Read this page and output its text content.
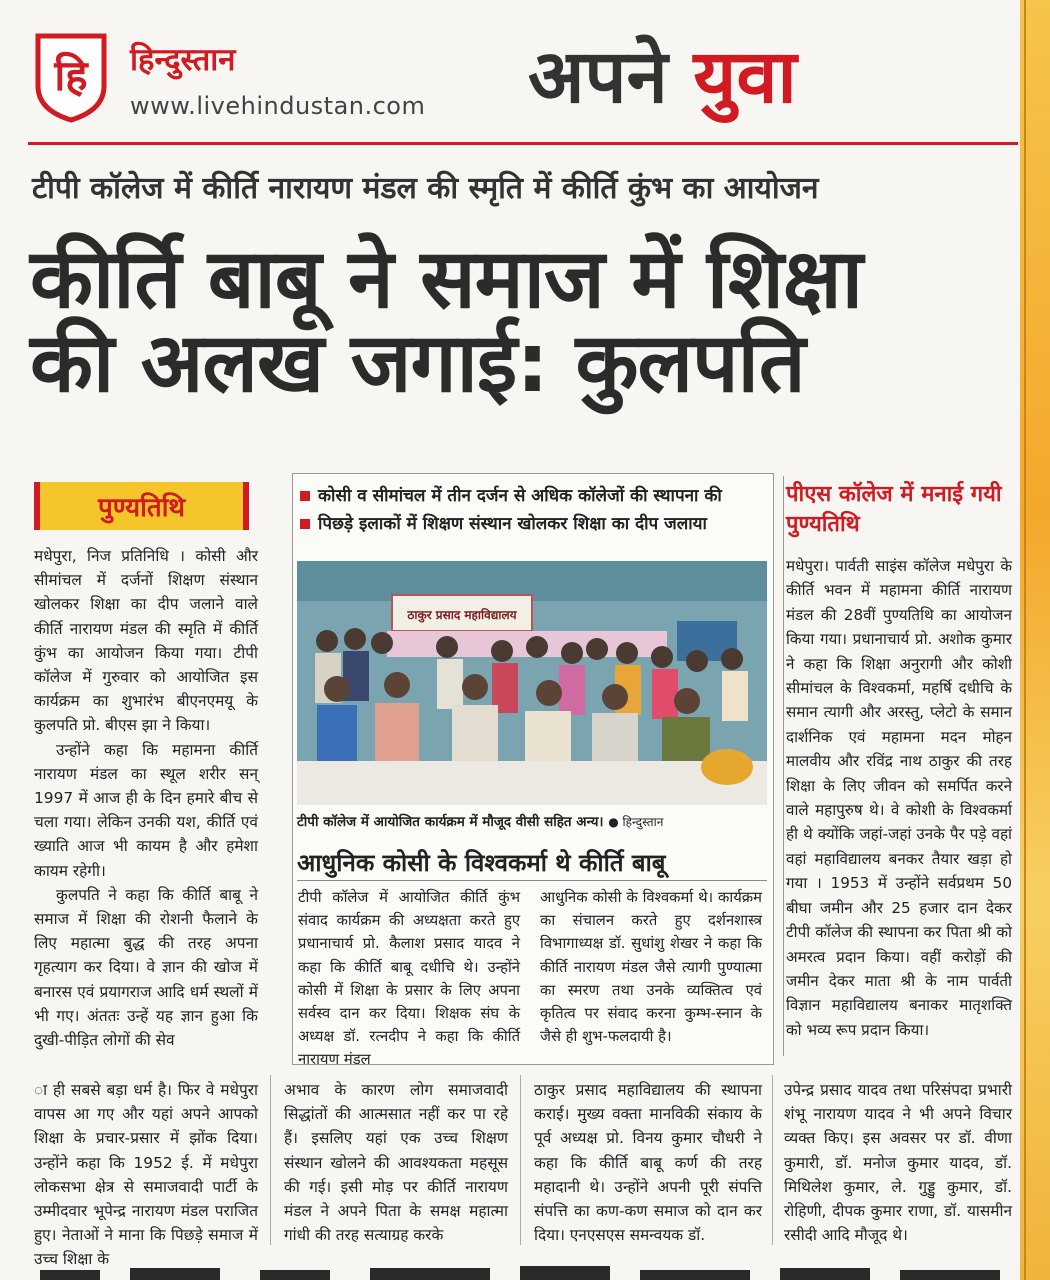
हि हिन्दुस्तान
www.livehindustan.com अपने युवा
टीपी कॉलेज में कीर्ति नारायण मंडल की स्मृति में कीर्ति कुंभ का आयोजन
कीर्ति बाबू ने समाज में शिक्षा
की अलख जगाई: कुलपति
पुण्यतिथि

मधेपुरा, निज प्रतिनिधि । कोसी और सीमांचल में दर्जनों शिक्षण संस्थान खोलकर शिक्षा का दीप जलाने वाले कीर्ति नारायण मंडल की स्मृति में कीर्ति कुंभ का आयोजन किया गया। टीपी कॉलेज में गुरुवार को आयोजित इस कार्यक्रम का शुभारंभ बीएनएमयू के कुलपति प्रो. बीएस झा ने किया।

उन्होंने कहा कि महामना कीर्ति नारायण मंडल का स्थूल शरीर सन् 1997 में आज ही के दिन हमारे बीच से चला गया। लेकिन उनकी यश, कीर्ति एवं ख्याति आज भी कायम है और हमेशा कायम रहेगी।

कुलपति ने कहा कि कीर्ति बाबू ने समाज में शिक्षा की रोशनी फैलाने के लिए महात्मा बुद्ध की तरह अपना गृहत्याग कर दिया। वे ज्ञान की खोज में बनारस एवं प्रयागराज आदि धर्म स्थलों में भी गए। अंततः उन्हें यह ज्ञान हुआ कि दुखी-पीड़ित लोगों की सेव

कोसी व सीमांचल में तीन दर्जन से अधिक कॉलेजों की स्थापना की
पिछड़े इलाकों में शिक्षण संस्थान खोलकर शिक्षा का दीप जलाया
ठाकुर प्रसाद महाविद्यालय
टीपी कॉलेज में आयोजित कार्यक्रम में मौजूद वीसी सहित अन्य। ● हिन्दुस्तान
आधुनिक कोसी के विश्वकर्मा थे कीर्ति बाबू
टीपी कॉलेज में आयोजित कीर्ति कुंभ संवाद कार्यक्रम की अध्यक्षता करते हुए प्रधानाचार्य प्रो. कैलाश प्रसाद यादव ने कहा कि कीर्ति बाबू दधीचि थे। उन्होंने कोसी में शिक्षा के प्रसार के लिए अपना सर्वस्व दान कर दिया। शिक्षक संघ के अध्यक्ष डॉ. रत्नदीप ने कहा कि कीर्ति नारायण मंडल
आधुनिक कोसी के विश्वकर्मा थे। कार्यक्रम का संचालन करते हुए दर्शनशास्त्र विभागाध्यक्ष डॉ. सुधांशु शेखर ने कहा कि कीर्ति नारायण मंडल जैसे त्यागी पुण्यात्मा का स्मरण तथा उनके व्यक्तित्व एवं कृतित्व पर संवाद करना कुम्भ-स्नान के जैसे ही शुभ-फलदायी है।
पीएस कॉलेज में मनाई गयी पुण्यतिथि
मधेपुरा। पार्वती साइंस कॉलेज मधेपुरा के कीर्ति भवन में महामना कीर्ति नारायण मंडल की 28वीं पुण्यतिथि का आयोजन किया गया। प्रधानाचार्य प्रो. अशोक कुमार ने कहा कि शिक्षा अनुरागी और कोशी सीमांचल के विश्वकर्मा, महर्षि दधीचि के समान त्यागी और अरस्तु, प्लेटो के समान दार्शनिक एवं महामना मदन मोहन मालवीय और रविंद्र नाथ ठाकुर की तरह शिक्षा के लिए जीवन को समर्पित करने वाले महापुरुष थे। वे कोशी के विश्वकर्मा ही थे क्योंकि जहां-जहां उनके पैर पड़े वहां वहां महाविद्यालय बनकर तैयार खड़ा हो गया । 1953 में उन्होंने सर्वप्रथम 50 बीघा जमीन और 25 हजार दान देकर टीपी कॉलेज की स्थापना कर पिता श्री को अमरत्व प्रदान किया। वहीं करोड़ों की जमीन देकर माता श्री के नाम पार्वती विज्ञान महाविद्यालय बनाकर मातृशक्ति को भव्य रूप प्रदान किया।
ा ही सबसे बड़ा धर्म है। फिर वे मधेपुरा वापस आ गए और यहां अपने आपको शिक्षा के प्रचार-प्रसार में झोंक दिया। उन्होंने कहा कि 1952 ई. में मधेपुरा लोकसभा क्षेत्र से समाजवादी पार्टी के उम्मीदवार भूपेन्द्र नारायण मंडल पराजित हुए। नेताओं ने माना कि पिछड़े समाज में उच्च शिक्षा के
अभाव के कारण लोग समाजवादी सिद्धांतों की आत्मसात नहीं कर पा रहे हैं। इसलिए यहां एक उच्च शिक्षण संस्थान खोलने की आवश्यकता महसूस की गई। इसी मोड़ पर कीर्ति नारायण मंडल ने अपने पिता के समक्ष महात्मा गांधी की तरह सत्याग्रह करके
ठाकुर प्रसाद महाविद्यालय की स्थापना कराई। मुख्य वक्ता मानविकी संकाय के पूर्व अध्यक्ष प्रो. विनय कुमार चौधरी ने कहा कि कीर्ति बाबू कर्ण की तरह महादानी थे। उन्होंने अपनी पूरी संपत्ति संपत्ति का कण-कण समाज को दान कर दिया। एनएसएस समन्वयक डॉ.
उपेन्द्र प्रसाद यादव तथा परिसंपदा प्रभारी शंभू नारायण यादव ने भी अपने विचार व्यक्त किए। इस अवसर पर डॉ. वीणा कुमारी, डॉ. मनोज कुमार यादव, डॉ. मिथिलेश कुमार, ले. गुड्डु कुमार, डॉ. रोहिणी, दीपक कुमार राणा, डॉ. यासमीन रसीदी आदि मौजूद थे।
